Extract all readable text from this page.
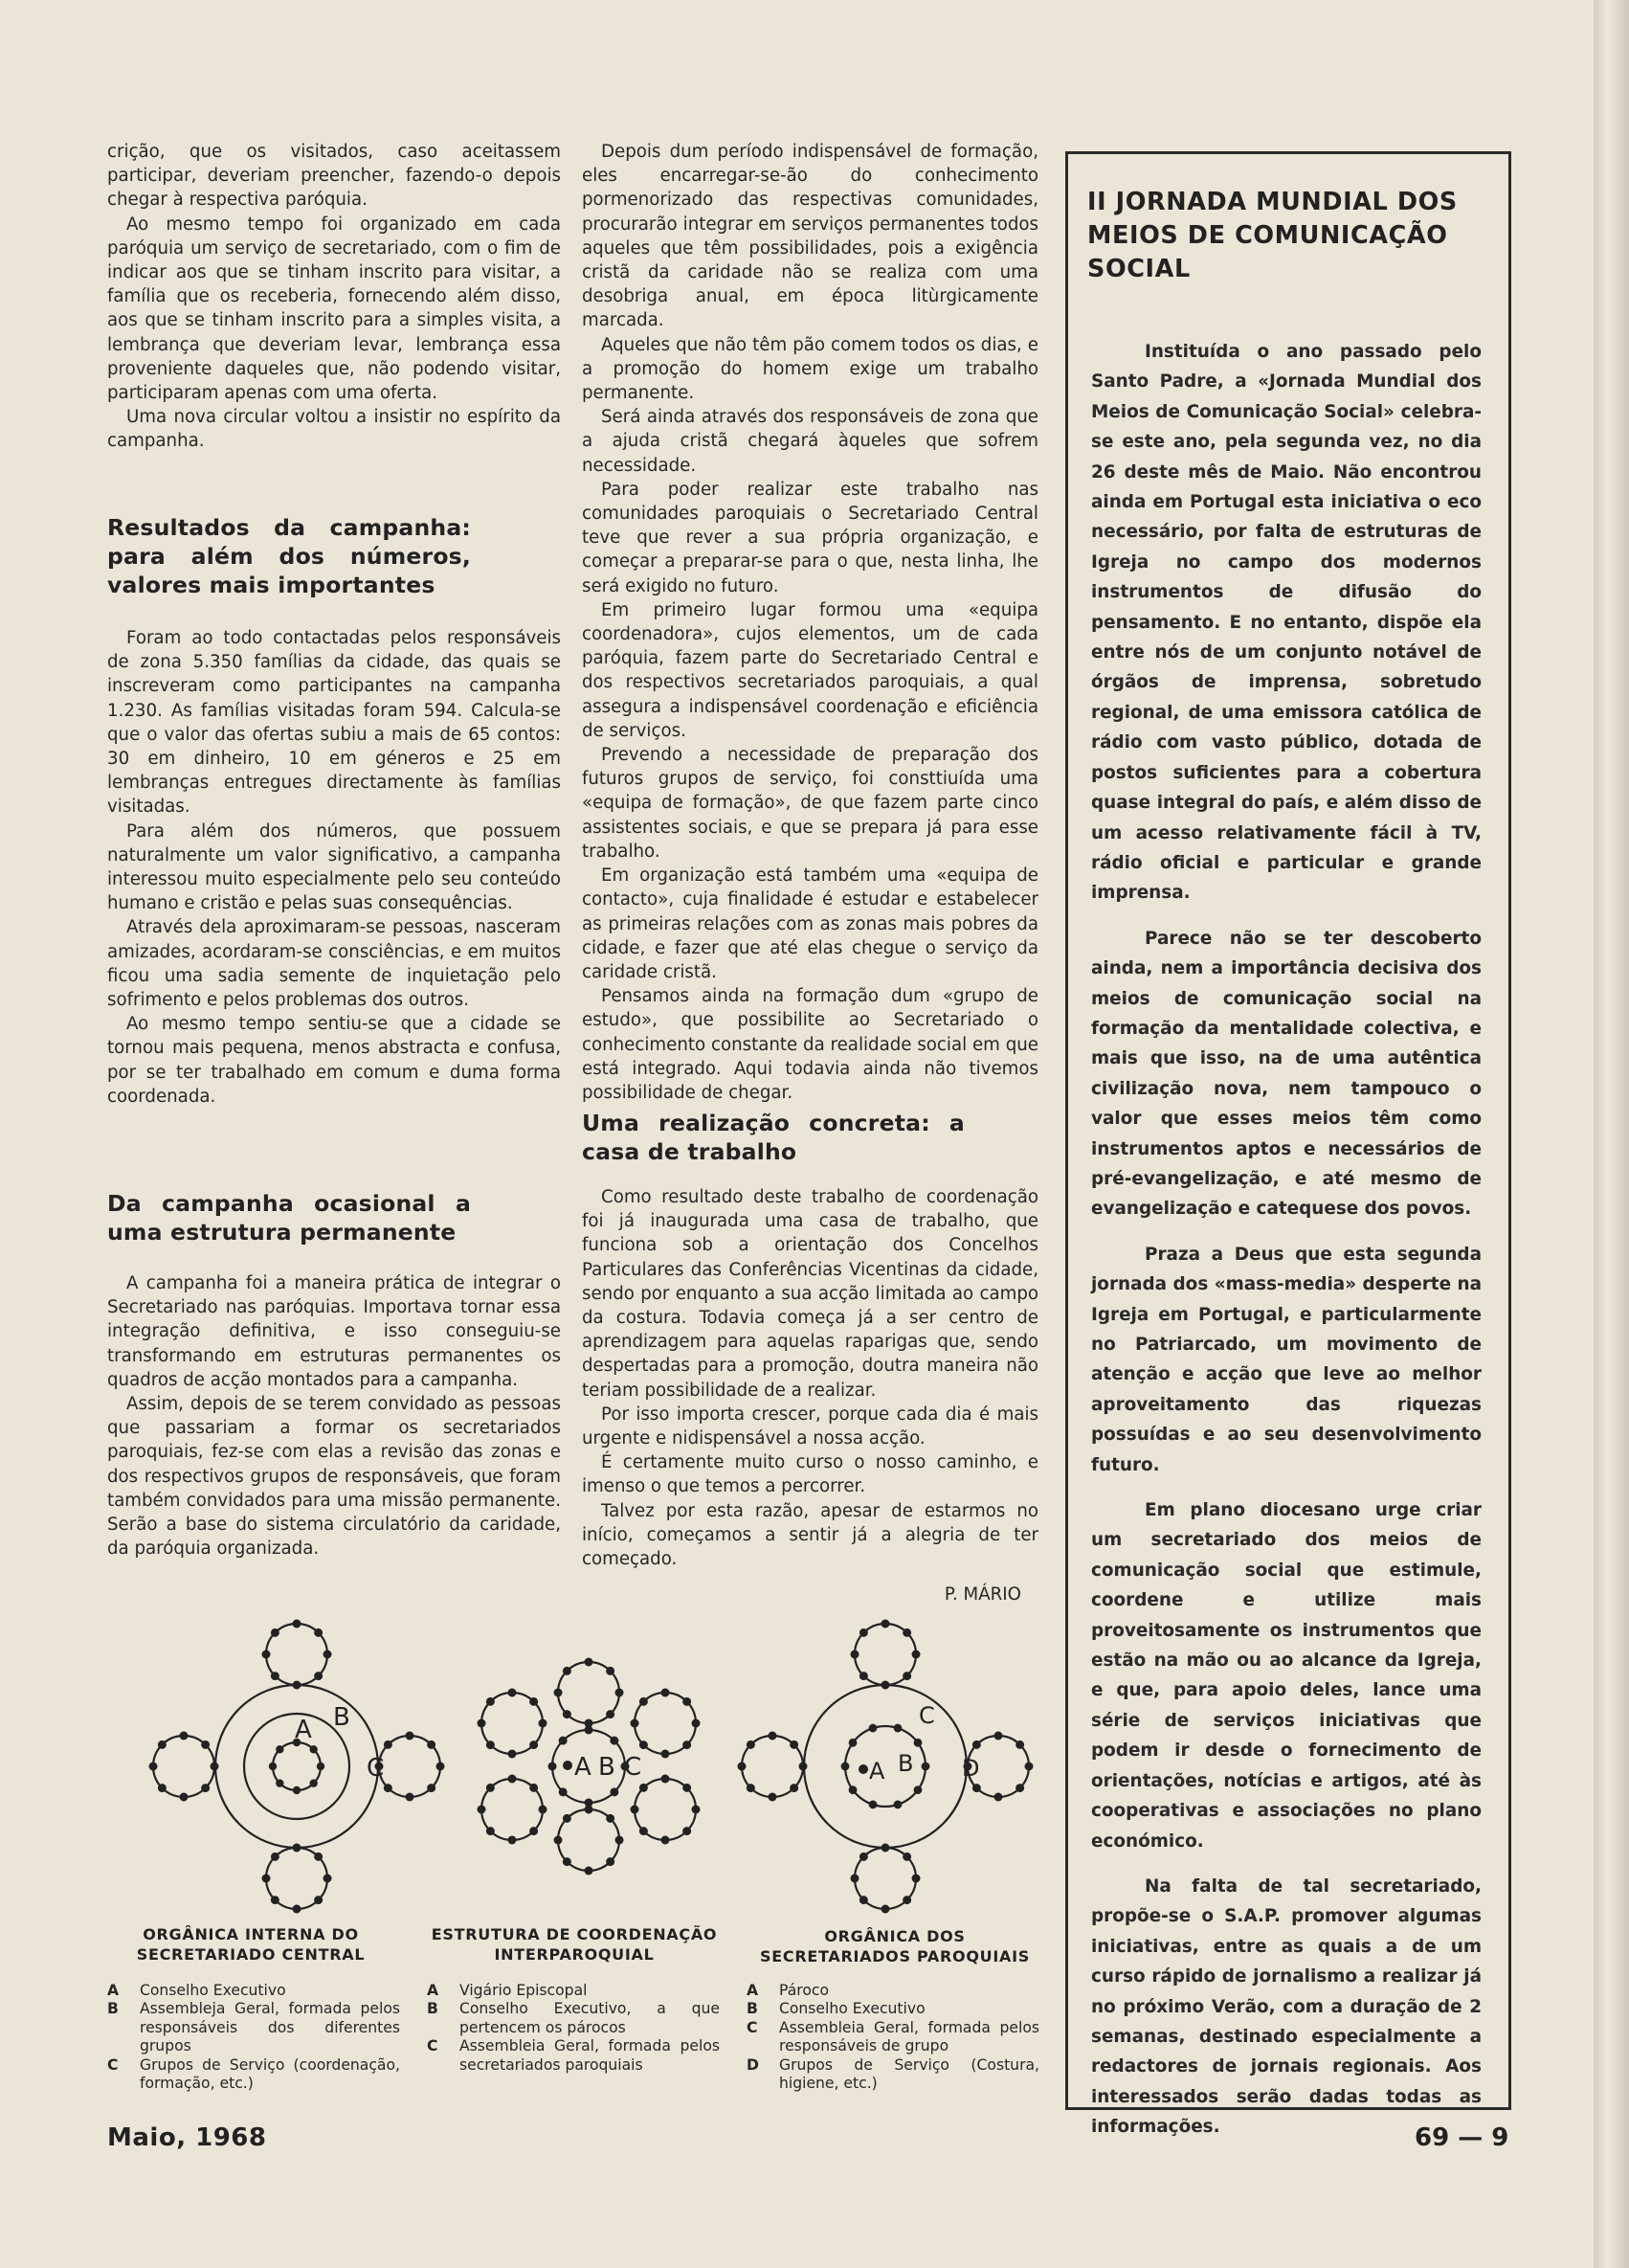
crição, que os visitados, caso aceitassem participar, deveriam preencher, fazendo-o depois chegar à respectiva paróquia.

Ao mesmo tempo foi organizado em cada paróquia um serviço de secretariado, com o fim de indicar aos que se tinham inscrito para visitar, a família que os receberia, fornecendo além disso, aos que se tinham inscrito para a simples visita, a lembrança que deveriam levar, lembrança essa proveniente daqueles que, não podendo visitar, participaram apenas com uma oferta.

Uma nova circular voltou a insistir no espírito da campanha.

Resultados da campanha: para além dos números, valores mais importantes

Foram ao todo contactadas pelos responsáveis de zona 5.350 famílias da cidade, das quais se inscreveram como participantes na campanha 1.230. As famílias visitadas foram 594. Calcula-se que o valor das ofertas subiu a mais de 65 contos: 30 em dinheiro, 10 em géneros e 25 em lembranças entregues directamente às famílias visitadas.

Para além dos números, que possuem naturalmente um valor significativo, a campanha interessou muito especialmente pelo seu conteúdo humano e cristão e pelas suas consequências.

Através dela aproximaram-se pessoas, nasceram amizades, acordaram-se consciências, e em muitos ficou uma sadia semente de inquietação pelo sofrimento e pelos problemas dos outros.

Ao mesmo tempo sentiu-se que a cidade se tornou mais pequena, menos abstracta e confusa, por se ter trabalhado em comum e duma forma coordenada.

Da campanha ocasional a uma estrutura permanente

A campanha foi a maneira prática de integrar o Secretariado nas paróquias. Importava tornar essa integração definitiva, e isso conseguiu-se transformando em estruturas permanentes os quadros de acção montados para a campanha.

Assim, depois de se terem convidado as pessoas que passariam a formar os secretariados paroquiais, fez-se com elas a revisão das zonas e dos respectivos grupos de responsáveis, que foram também convidados para uma missão permanente. Serão a base do sistema circulatório da caridade, da paróquia organizada.

Depois dum período indispensável de formação, eles encarregar-se-ão do conhecimento pormenorizado das respectivas comunidades, procurarão integrar em serviços permanentes todos aqueles que têm possibilidades, pois a exigência cristã da caridade não se realiza com uma desobriga anual, em época litùrgicamente marcada.

Aqueles que não têm pão comem todos os dias, e a promoção do homem exige um trabalho permanente.

Será ainda através dos responsáveis de zona que a ajuda cristã chegará àqueles que sofrem necessidade.

Para poder realizar este trabalho nas comunidades paroquiais o Secretariado Central teve que rever a sua própria organização, e começar a preparar-se para o que, nesta linha, lhe será exigido no futuro.

Em primeiro lugar formou uma «equipa coordenadora», cujos elementos, um de cada paróquia, fazem parte do Secretariado Central e dos respectivos secretariados paroquiais, a qual assegura a indispensável coordenação e eficiência de serviços.

Prevendo a necessidade de preparação dos futuros grupos de serviço, foi consttiuída uma «equipa de formação», de que fazem parte cinco assistentes sociais, e que se prepara já para esse trabalho.

Em organização está também uma «equipa de contacto», cuja finalidade é estudar e estabelecer as primeiras relações com as zonas mais pobres da cidade, e fazer que até elas chegue o serviço da caridade cristã.

Pensamos ainda na formação dum «grupo de estudo», que possibilite ao Secretariado o conhecimento constante da realidade social em que está integrado. Aqui todavia ainda não tivemos possibilidade de chegar.

Uma realização concreta: a casa de trabalho

Como resultado deste trabalho de coordenação foi já inaugurada uma casa de trabalho, que funciona sob a orientação dos Concelhos Particulares das Conferências Vicentinas da cidade, sendo por enquanto a sua acção limitada ao campo da costura. Todavia começa já a ser centro de aprendizagem para aquelas raparigas que, sendo despertadas para a promoção, doutra maneira não teriam possibilidade de a realizar.

Por isso importa crescer, porque cada dia é mais urgente e nidispensável a nossa acção.

É certamente muito curso o nosso caminho, e imenso o que temos a percorrer.

Talvez por esta razão, apesar de estarmos no início, começamos a sentir já a alegria de ter começado.

P. MÁRIO

II JORNADA MUNDIAL DOS MEIOS DE COMUNICAÇÃO SOCIAL

Instituída o ano passado pelo Santo Padre, a «Jornada Mundial dos Meios de Comunicação Social» celebra-se este ano, pela segunda vez, no dia 26 deste mês de Maio. Não encontrou ainda em Portugal esta iniciativa o eco necessário, por falta de estruturas de Igreja no campo dos modernos instrumentos de difusão do pensamento. E no entanto, dispõe ela entre nós de um conjunto notável de órgãos de imprensa, sobretudo regional, de uma emissora católica de rádio com vasto público, dotada de postos suficientes para a cobertura quase integral do país, e além disso de um acesso relativamente fácil à TV, rádio oficial e particular e grande imprensa.

Parece não se ter descoberto ainda, nem a importância decisiva dos meios de comunicação social na formação da mentalidade colectiva, e mais que isso, na de uma autêntica civilização nova, nem tampouco o valor que esses meios têm como instrumentos aptos e necessários de pré-evangelização, e até mesmo de evangelização e catequese dos povos.

Praza a Deus que esta segunda jornada dos «mass-media» desperte na Igreja em Portugal, e particularmente no Patriarcado, um movimento de atenção e acção que leve ao melhor aproveitamento das riquezas possuídas e ao seu desenvolvimento futuro.

Em plano diocesano urge criar um secretariado dos meios de comunicação social que estimule, coordene e utilize mais proveitosamente os instrumentos que estão na mão ou ao alcance da Igreja, e que, para apoio deles, lance uma série de serviços iniciativas que podem ir desde o fornecimento de orientações, notícias e artigos, até às cooperativas e associações no plano económico.

Na falta de tal secretariado, propõe-se o S.A.P. promover algumas iniciativas, entre as quais a de um curso rápido de jornalismo a realizar já no próximo Verão, com a duração de 2 semanas, destinado especialmente a redactores de jornais regionais. Aos interessados serão dadas todas as informações.

A B
C	A B C	A B
C
D
ORGÂNICA INTERNA DO SECRETARIADO CENTRAL
ESTRUTURA DE COORDENAÇÃO INTERPAROQUIAL
ORGÂNICA DOS SECRETARIADOS PAROQUIAIS
A	Conselho Executivo
B	Assembleja Geral, formada pelos responsáveis dos diferentes grupos
C	Grupos de Serviço (coordenação, formação, etc.)
A	Vigário Episcopal
B	Conselho Executivo, a que pertencem os párocos
C	Assembleia Geral, formada pelos secretariados paroquiais
A	Pároco
B	Conselho Executivo
C	Assembleia Geral, formada pelos responsáveis de grupo
D	Grupos de Serviço (Costura, higiene, etc.)
Maio, 1968	69 — 9
